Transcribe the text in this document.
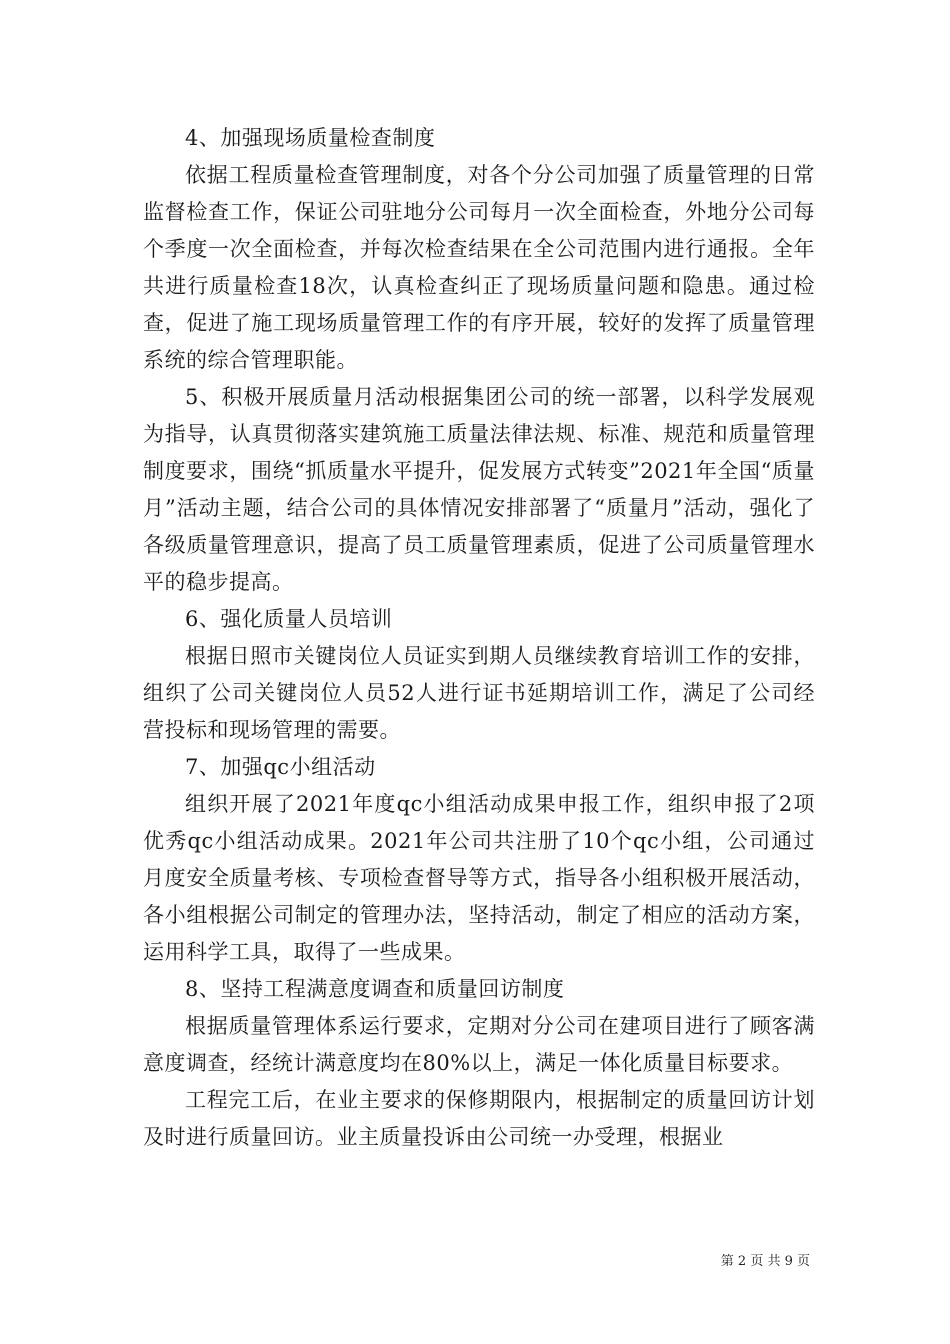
4、加强现场质量检查制度

依据工程质量检查管理制度，对各个分公司加强了质量管理的日常监督检查工作，保证公司驻地分公司每月一次全面检查，外地分公司每个季度一次全面检查，并每次检查结果在全公司范围内进行通报。全年共进行质量检查18次，认真检查纠正了现场质量问题和隐患。通过检查，促进了施工现场质量管理工作的有序开展，较好的发挥了质量管理系统的综合管理职能。

5、积极开展质量月活动根据集团公司的统一部署，以科学发展观为指导，认真贯彻落实建筑施工质量法律法规、标准、规范和质量管理制度要求，围绕“抓质量水平提升，促发展方式转变”2021年全国“质量月”活动主题，结合公司的具体情况安排部署了“质量月”活动，强化了各级质量管理意识，提高了员工质量管理素质，促进了公司质量管理水平的稳步提高。

6、强化质量人员培训

根据日照市关键岗位人员证实到期人员继续教育培训工作的安排，组织了公司关键岗位人员52人进行证书延期培训工作，满足了公司经营投标和现场管理的需要。

7、加强qc小组活动

组织开展了2021年度qc小组活动成果申报工作，组织申报了2项优秀qc小组活动成果。2021年公司共注册了10个qc小组，公司通过月度安全质量考核、专项检查督导等方式，指导各小组积极开展活动，各小组根据公司制定的管理办法，坚持活动，制定了相应的活动方案，运用科学工具，取得了一些成果。

8、坚持工程满意度调查和质量回访制度

根据质量管理体系运行要求，定期对分公司在建项目进行了顾客满意度调查，经统计满意度均在80%以上，满足一体化质量目标要求。

工程完工后，在业主要求的保修期限内，根据制定的质量回访计划及时进行质量回访。业主质量投诉由公司统一办受理，根据业

第 2 页 共 9 页
